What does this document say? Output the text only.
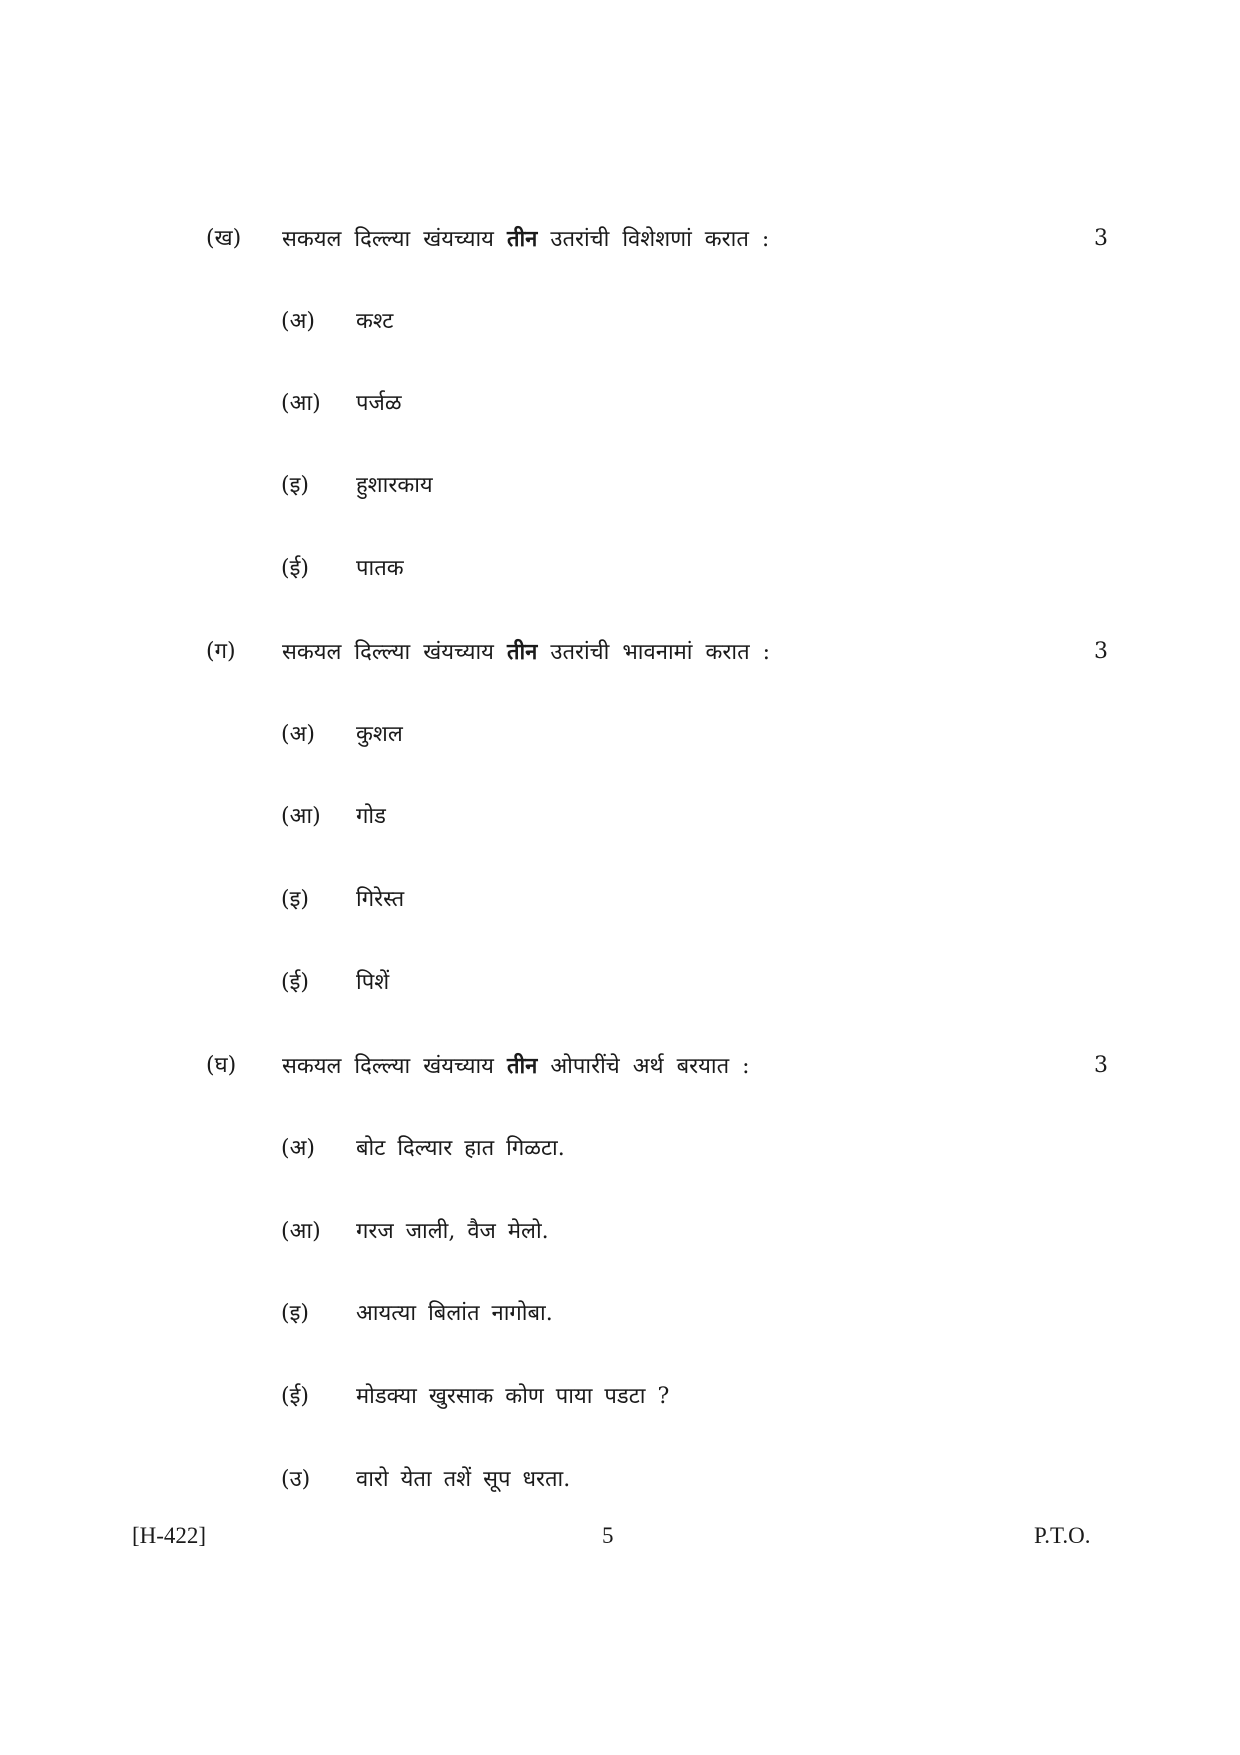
(ख) सकयल दिल्ल्या खंयच्याय तीन उतरांची विशेशणां करात :	3
(अ) कश्ट
(आ) पर्जळ
(इ) हुशारकाय
(ई) पातक
(ग) सकयल दिल्ल्या खंयच्याय तीन उतरांची भावनामां करात :	3
(अ) कुशल
(आ) गोड
(इ) गिरेस्त
(ई) पिशें
(घ) सकयल दिल्ल्या खंयच्याय तीन ओपारींचे अर्थ बरयात :	3
(अ) बोट दिल्यार हात गिळटा.
(आ) गरज जाली, वैज मेलो.
(इ) आयत्या बिलांत नागोबा.
(ई) मोडक्या खुरसाक कोण पाया पडटा ?
(उ) वारो येता तशें सूप धरता.
[H-422]	5	P.T.O.
